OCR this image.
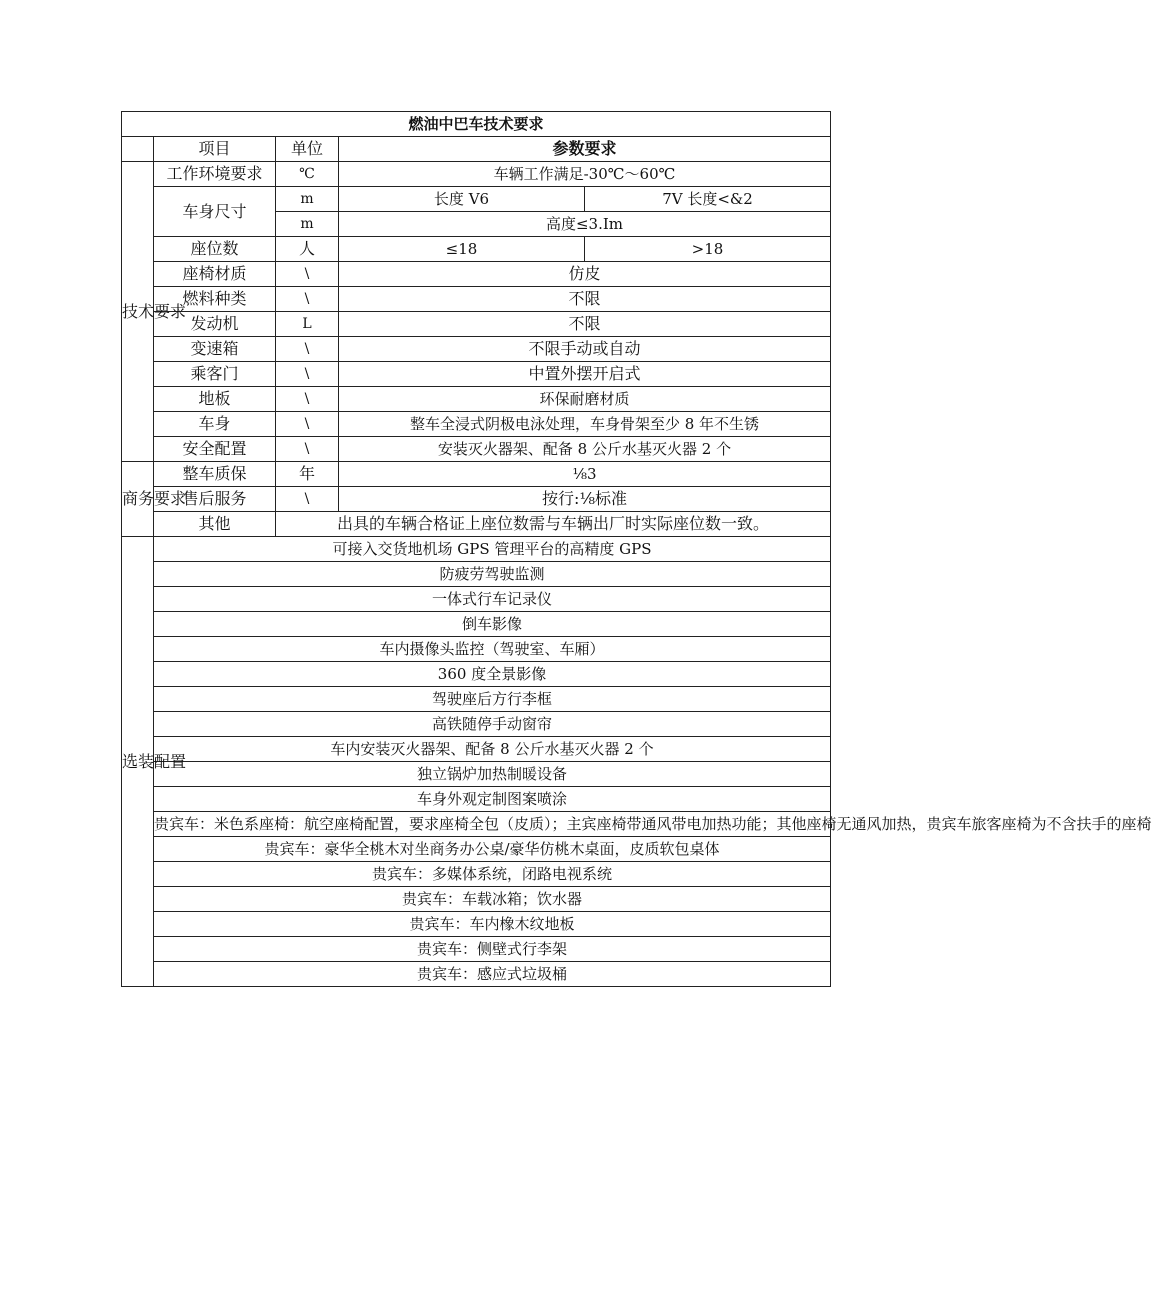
燃油中巴车技术要求				
	项目	单位	参数要求	
技术要求	工作环境要求	℃	车辆工作满足-30℃～60℃	
	车身尺寸	m	长度 V6	7V 长度<&2
		m	高度≤3.Im	
	座位数	人	≤18	>18
	座椅材质	\	仿皮	
	燃料种类	\	不限	
	发动机	L	不限	
	变速箱	\	不限手动或自动	
	乘客门	\	中置外摆开启式	
	地板	\	环保耐磨材质	
	车身	\	整车全浸式阴极电泳处理，车身骨架至少 8 年不生锈	
	安全配置	\	安装灭火器架、配备 8 公斤水基灭火器 2 个	
商务要求	整车质保	年	⅛3	
	售后服务	\	按行:⅛标准	
	其他	出具的车辆合格证上座位数需与车辆出厂时实际座位数一致。		
选装配置	可接入交货地机场 GPS 管理平台的高精度 GPS			
	防疲劳驾驶监测			
	一体式行车记录仪			
	倒车影像			
	车内摄像头监控（驾驶室、车厢）			
	360 度全景影像			
	驾驶座后方行李框			
	高铁随停手动窗帘			
	车内安装灭火器架、配备 8 公斤水基灭火器 2 个			
	独立锅炉加热制暖设备			
	车身外观定制图案喷涂			
	贵宾车：米色系座椅：航空座椅配置，要求座椅全包（皮质）；主宾座椅带通风带电加热功能；其他座椅无通风加热，贵宾车旅客座椅为不含扶手的座椅			
	贵宾车：豪华全桃木对坐商务办公桌/豪华仿桃木桌面，皮质软包桌体			
	贵宾车：多媒体系统，闭路电视系统			
	贵宾车：车载冰箱；饮水器			
	贵宾车：车内橡木纹地板			
	贵宾车：侧壁式行李架			
	贵宾车：感应式垃圾桶			
